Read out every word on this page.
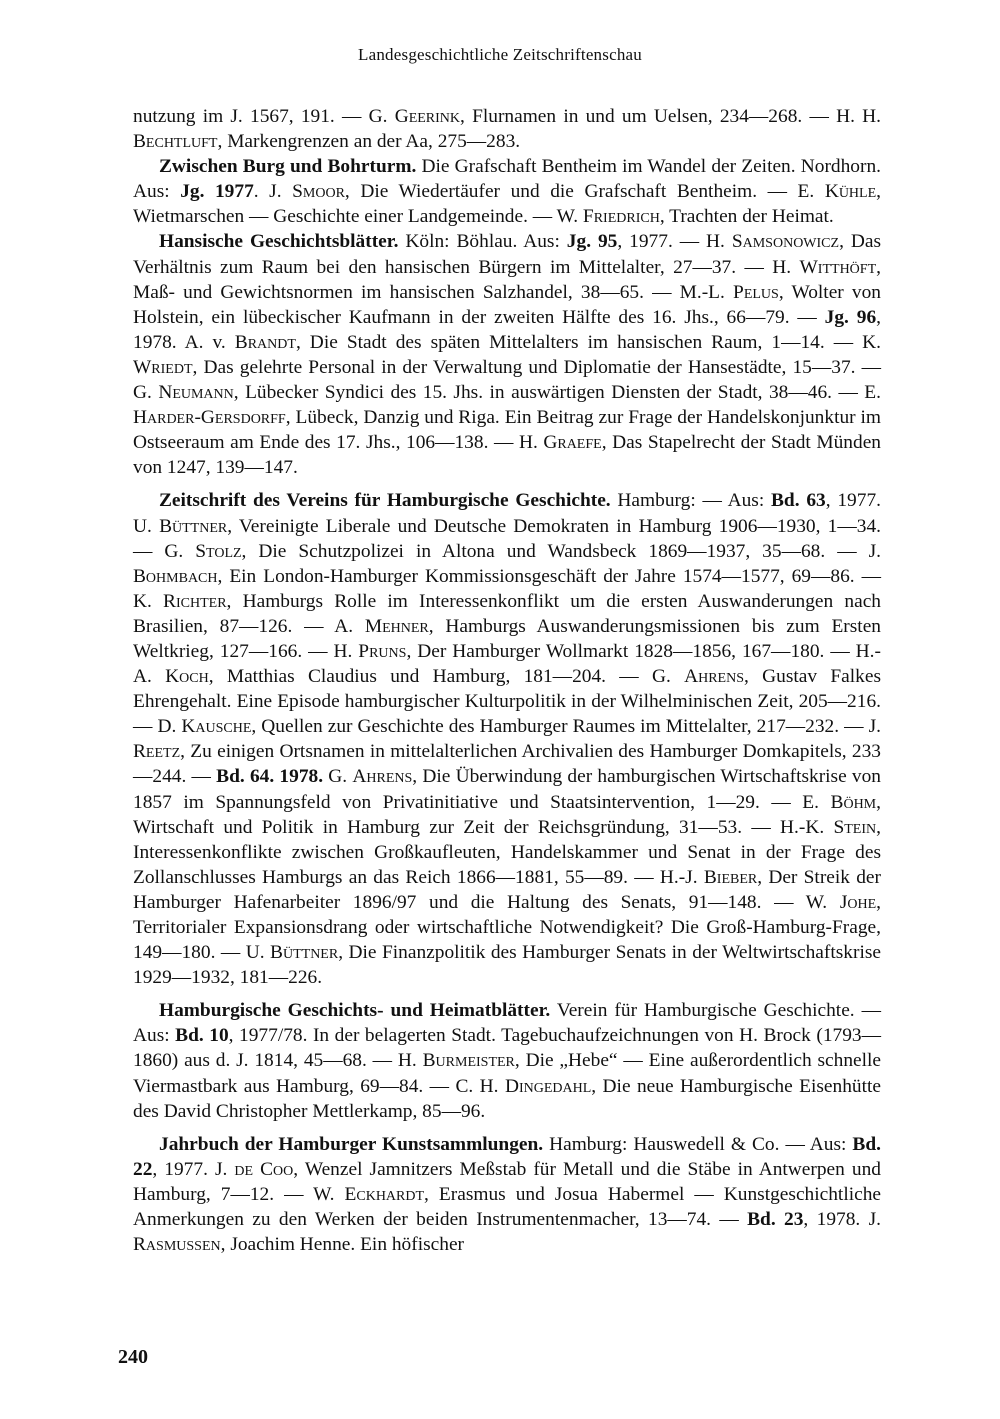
Landesgeschichtliche Zeitschriftenschau

nutzung im J. 1567, 191. — G. Geerink, Flurnamen in und um Uelsen, 234—268. — H. H. Bechtluft, Markengrenzen an der Aa, 275—283.

Zwischen Burg und Bohrturm. Die Grafschaft Bentheim im Wandel der Zeiten. Nordhorn. Aus: Jg. 1977. J. Smoor, Die Wiedertäufer und die Grafschaft Bentheim. — E. Kühle, Wietmarschen — Geschichte einer Landgemeinde. — W. Friedrich, Trachten der Heimat.

Hansische Geschichtsblätter. Köln: Böhlau. Aus: Jg. 95, 1977. — H. Samsonowicz, Das Verhältnis zum Raum bei den hansischen Bürgern im Mittelalter, 27—37. — H. Witthöft, Maß- und Gewichtsnormen im hansischen Salzhandel, 38—65. — M.-L. Pelus, Wolter von Holstein, ein lübeckischer Kaufmann in der zweiten Hälfte des 16. Jhs., 66—79. — Jg. 96, 1978. A. v. Brandt, Die Stadt des späten Mittelalters im hansischen Raum, 1—14. — K. Wriedt, Das gelehrte Personal in der Verwaltung und Diplomatie der Hansestädte, 15—37. — G. Neumann, Lübecker Syndici des 15. Jhs. in auswärtigen Diensten der Stadt, 38—46. — E. Harder-Gersdorff, Lübeck, Danzig und Riga. Ein Beitrag zur Frage der Handelskonjunktur im Ostseeraum am Ende des 17. Jhs., 106—138. — H. Graefe, Das Stapelrecht der Stadt Münden von 1247, 139—147.

Zeitschrift des Vereins für Hamburgische Geschichte. Hamburg: — Aus: Bd. 63, 1977. U. Büttner, Vereinigte Liberale und Deutsche Demokraten in Hamburg 1906—1930, 1—34. — G. Stolz, Die Schutzpolizei in Altona und Wandsbeck 1869—1937, 35—68. — J. Bohmbach, Ein London-Hamburger Kommissionsgeschäft der Jahre 1574—1577, 69—86. — K. Richter, Hamburgs Rolle im Interessenkonflikt um die ersten Auswanderungen nach Brasilien, 87—126. — A. Mehner, Hamburgs Auswanderungsmissionen bis zum Ersten Weltkrieg, 127—166. — H. Pruns, Der Hamburger Wollmarkt 1828—1856, 167—180. — H.-A. Koch, Matthias Claudius und Hamburg, 181—204. — G. Ahrens, Gustav Falkes Ehrengehalt. Eine Episode hamburgischer Kulturpolitik in der Wilhelminischen Zeit, 205—216. — D. Kausche, Quellen zur Geschichte des Hamburger Raumes im Mittelalter, 217—232. — J. Reetz, Zu einigen Ortsnamen in mittelalterlichen Archivalien des Hamburger Domkapitels, 233—244. — Bd. 64. 1978. G. Ahrens, Die Überwindung der hamburgischen Wirtschaftskrise von 1857 im Spannungsfeld von Privatinitiative und Staatsintervention, 1—29. — E. Böhm, Wirtschaft und Politik in Hamburg zur Zeit der Reichsgründung, 31—53. — H.-K. Stein, Interessenkonflikte zwischen Großkaufleuten, Handelskammer und Senat in der Frage des Zollanschlusses Hamburgs an das Reich 1866—1881, 55—89. — H.-J. Bieber, Der Streik der Hamburger Hafenarbeiter 1896/97 und die Haltung des Senats, 91—148. — W. Johe, Territorialer Expansionsdrang oder wirtschaftliche Notwendigkeit? Die Groß-Hamburg-Frage, 149—180. — U. Büttner, Die Finanzpolitik des Hamburger Senats in der Weltwirtschaftskrise 1929—1932, 181—226.

Hamburgische Geschichts- und Heimatblätter. Verein für Hamburgische Geschichte. — Aus: Bd. 10, 1977/78. In der belagerten Stadt. Tagebuchaufzeichnungen von H. Brock (1793—1860) aus d. J. 1814, 45—68. — H. Burmeister, Die „Hebe“ — Eine außerordentlich schnelle Viermastbark aus Hamburg, 69—84. — C. H. Dingedahl, Die neue Hamburgische Eisenhütte des David Christopher Mettlerkamp, 85—96.

Jahrbuch der Hamburger Kunstsammlungen. Hamburg: Hauswedell & Co. — Aus: Bd. 22, 1977. J. de Coo, Wenzel Jamnitzers Meßstab für Metall und die Stäbe in Antwerpen und Hamburg, 7—12. — W. Eckhardt, Erasmus und Josua Habermel — Kunstgeschichtliche Anmerkungen zu den Werken der beiden Instrumentenmacher, 13—74. — Bd. 23, 1978. J. Rasmussen, Joachim Henne. Ein höfischer

240
